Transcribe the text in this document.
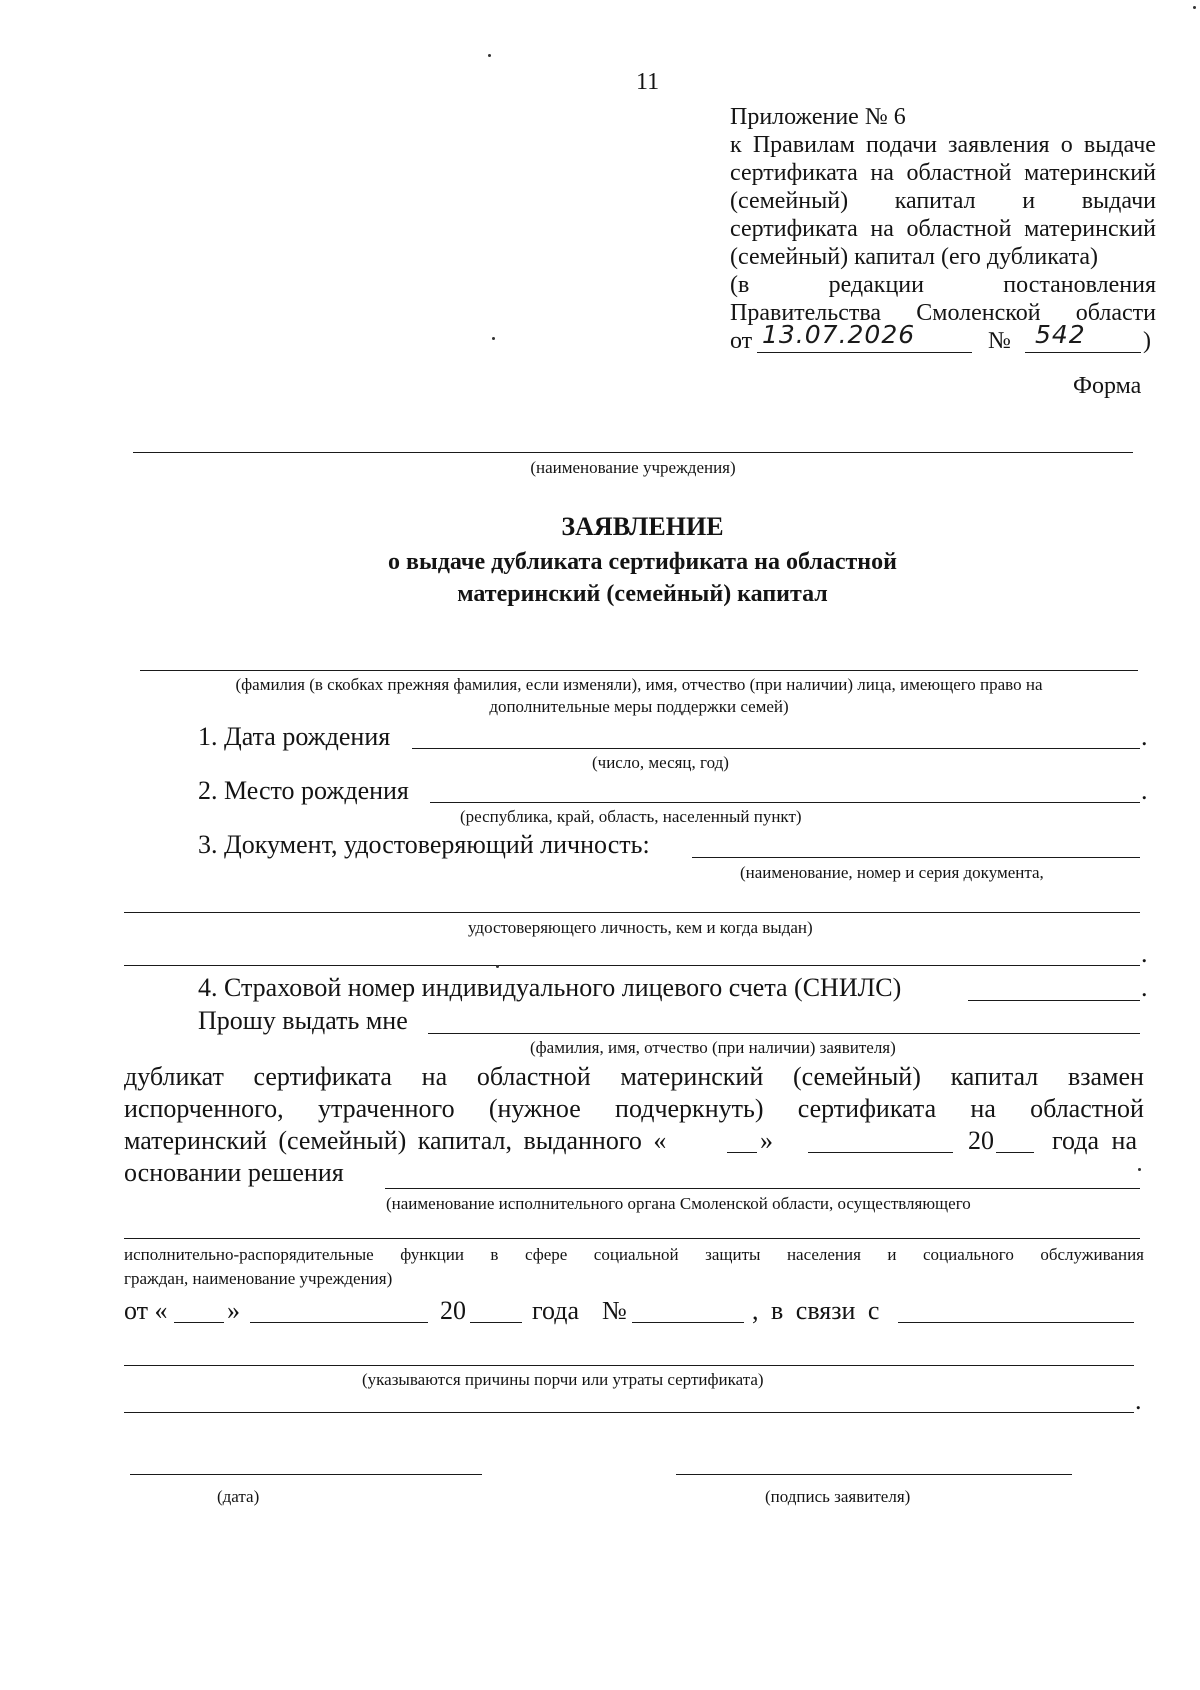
11
Приложение № 6
к Правилам подачи заявления о выдаче
сертификата на областной материнский
(семейный) капитал и выдачи
сертификата на областной материнский
(семейный) капитал (его дубликата)
(в	редакции	постановления
Правительства Смоленской области
от 13.07.2026	№ 542 )
Форма
(наименование учреждения)
ЗАЯВЛЕНИЕ
о выдаче дубликата сертификата на областной
материнский (семейный) капитал
(фамилия (в скобках прежняя фамилия, если изменяли), имя, отчество (при наличии) лица, имеющего право на
дополнительные меры поддержки семей)
1. Дата рождения	.
(число, месяц, год)
2. Место рождения	.
(республика, край, область, населенный пункт)
3. Документ, удостоверяющий личность:
(наименование, номер и серия документа,
удостоверяющего личность, кем и когда выдан)
.
4. Страховой номер индивидуального лицевого счета (СНИЛС)	.
Прошу выдать мне
(фамилия, имя, отчество (при наличии) заявителя)
дубликат сертификата на областной материнский (семейный) капитал взамен
испорченного, утраченного (нужное подчеркнуть) сертификата на областной
материнский (семейный) капитал, выданного «	»	20 года на
основании решения
(наименование исполнительного органа Смоленской области, осуществляющего
исполнительно-распорядительные функции в сфере социальной защиты населения и социального обслуживания
граждан, наименование учреждения)
от « »	20	года №	, в связи с
(указываются причины порчи или утраты сертификата)
.
(дата)	(подпись заявителя)
